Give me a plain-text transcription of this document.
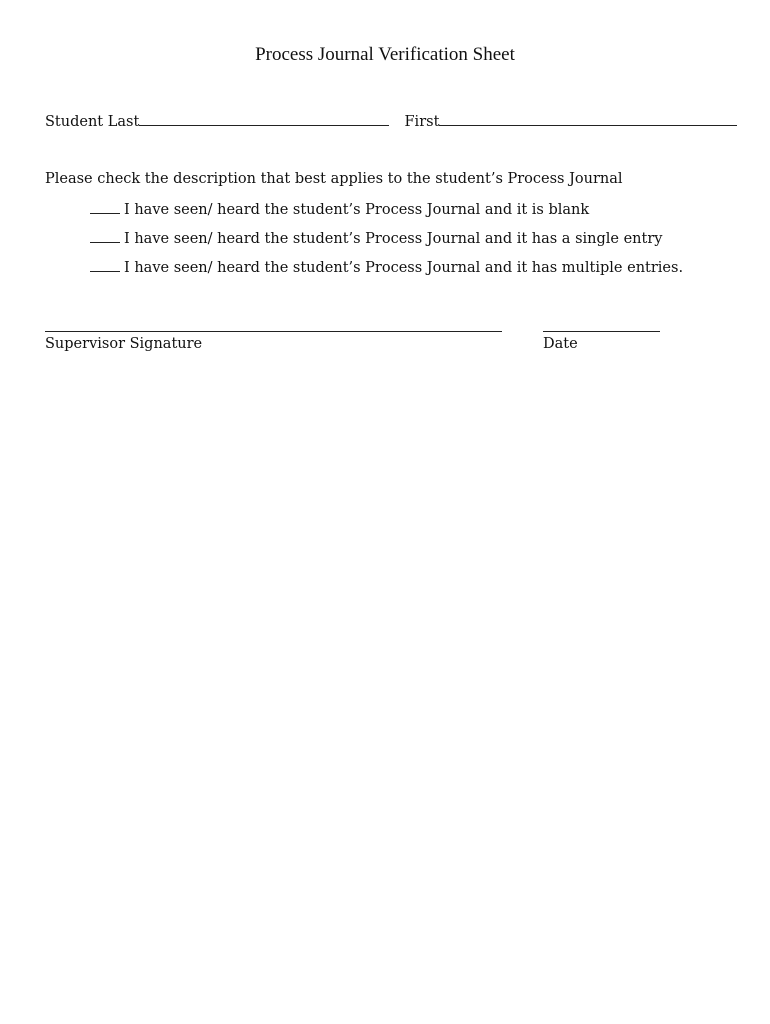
Process Journal Verification Sheet
Student Last	First
Please check the description that best applies to the student’s Process Journal
I have seen/ heard the student’s Process Journal and it is blank
I have seen/ heard the student’s Process Journal and it has a single entry
I have seen/ heard the student’s Process Journal and it has multiple entries.
Supervisor Signature	Date
